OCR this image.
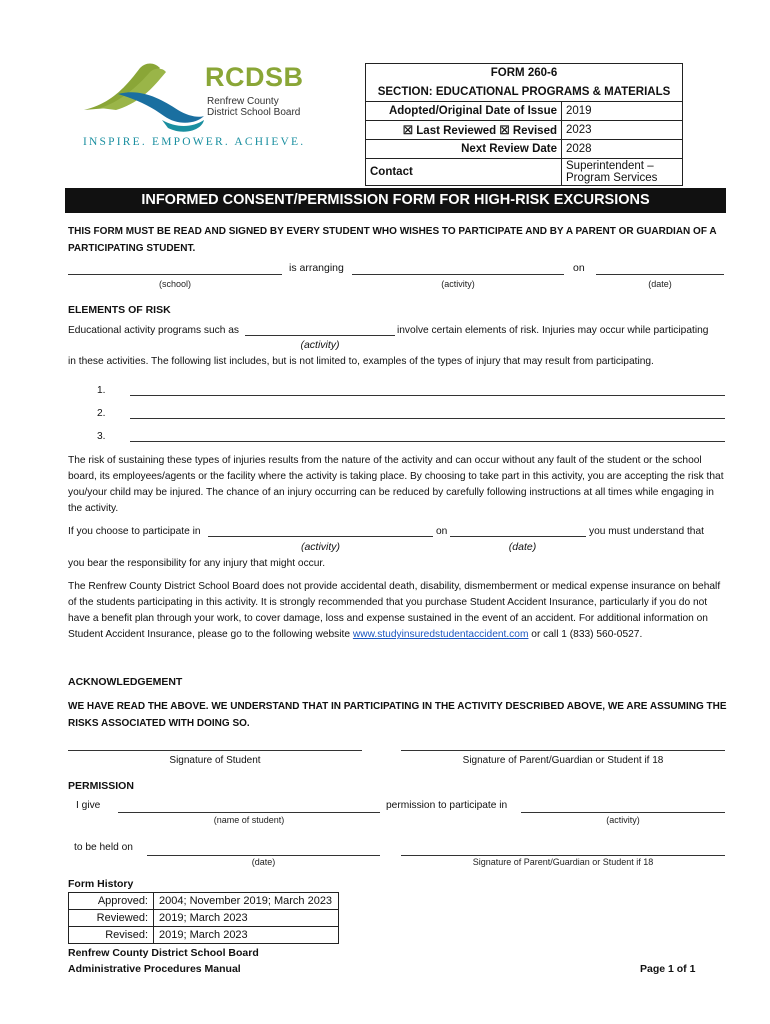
RCDSB
Renfrew County
District School Board
INSPIRE. EMPOWER. ACHIEVE.
FORM 260-6	
SECTION: EDUCATIONAL PROGRAMS & MATERIALS	
Adopted/Original Date of Issue	2019
☒ Last Reviewed ☒ Revised	2023
Next Review Date	2028
Contact	Superintendent – Program Services
INFORMED CONSENT/PERMISSION FORM FOR HIGH-RISK EXCURSIONS
THIS FORM MUST BE READ AND SIGNED BY EVERY STUDENT WHO WISHES TO PARTICIPATE AND BY A PARENT OR GUARDIAN OF A PARTICIPATING STUDENT.
is arranging	on
(school)	(activity)	(date)
ELEMENTS OF RISK
Educational activity programs such as	involve certain elements of risk. Injuries may occur while participating
(activity)
in these activities. The following list includes, but is not limited to, examples of the types of injury that may result from participating.
1.
2.
3.
The risk of sustaining these types of injuries results from the nature of the activity and can occur without any fault of the student or the school board, its employees/agents or the facility where the activity is taking place. By choosing to take part in this activity, you are accepting the risk that you/your child may be injured. The chance of an injury occurring can be reduced by carefully following instructions at all times while engaging in the activity.
If you choose to participate in	on	you must understand that
(activity)	(date)
you bear the responsibility for any injury that might occur.
The Renfrew County District School Board does not provide accidental death, disability, dismemberment or medical expense insurance on behalf of the students participating in this activity. It is strongly recommended that you purchase Student Accident Insurance, particularly if you do not have a benefit plan through your work, to cover damage, loss and expense sustained in the event of an accident. For additional information on Student Accident Insurance, please go to the following website www.studyinsuredstudentaccident.com or call 1 (833) 560-0527.
ACKNOWLEDGEMENT
WE HAVE READ THE ABOVE. WE UNDERSTAND THAT IN PARTICIPATING IN THE ACTIVITY DESCRIBED ABOVE, WE ARE ASSUMING THE RISKS ASSOCIATED WITH DOING SO.
Signature of Student	Signature of Parent/Guardian or Student if 18
PERMISSION
I give	permission to participate in
(name of student)	(activity)
to be held on
(date)	Signature of Parent/Guardian or Student if 18
Form History
Approved:	2004; November 2019; March 2023
Reviewed:	2019; March 2023
Revised:	2019; March 2023
Renfrew County District School Board
Administrative Procedures Manual	Page 1 of 1
